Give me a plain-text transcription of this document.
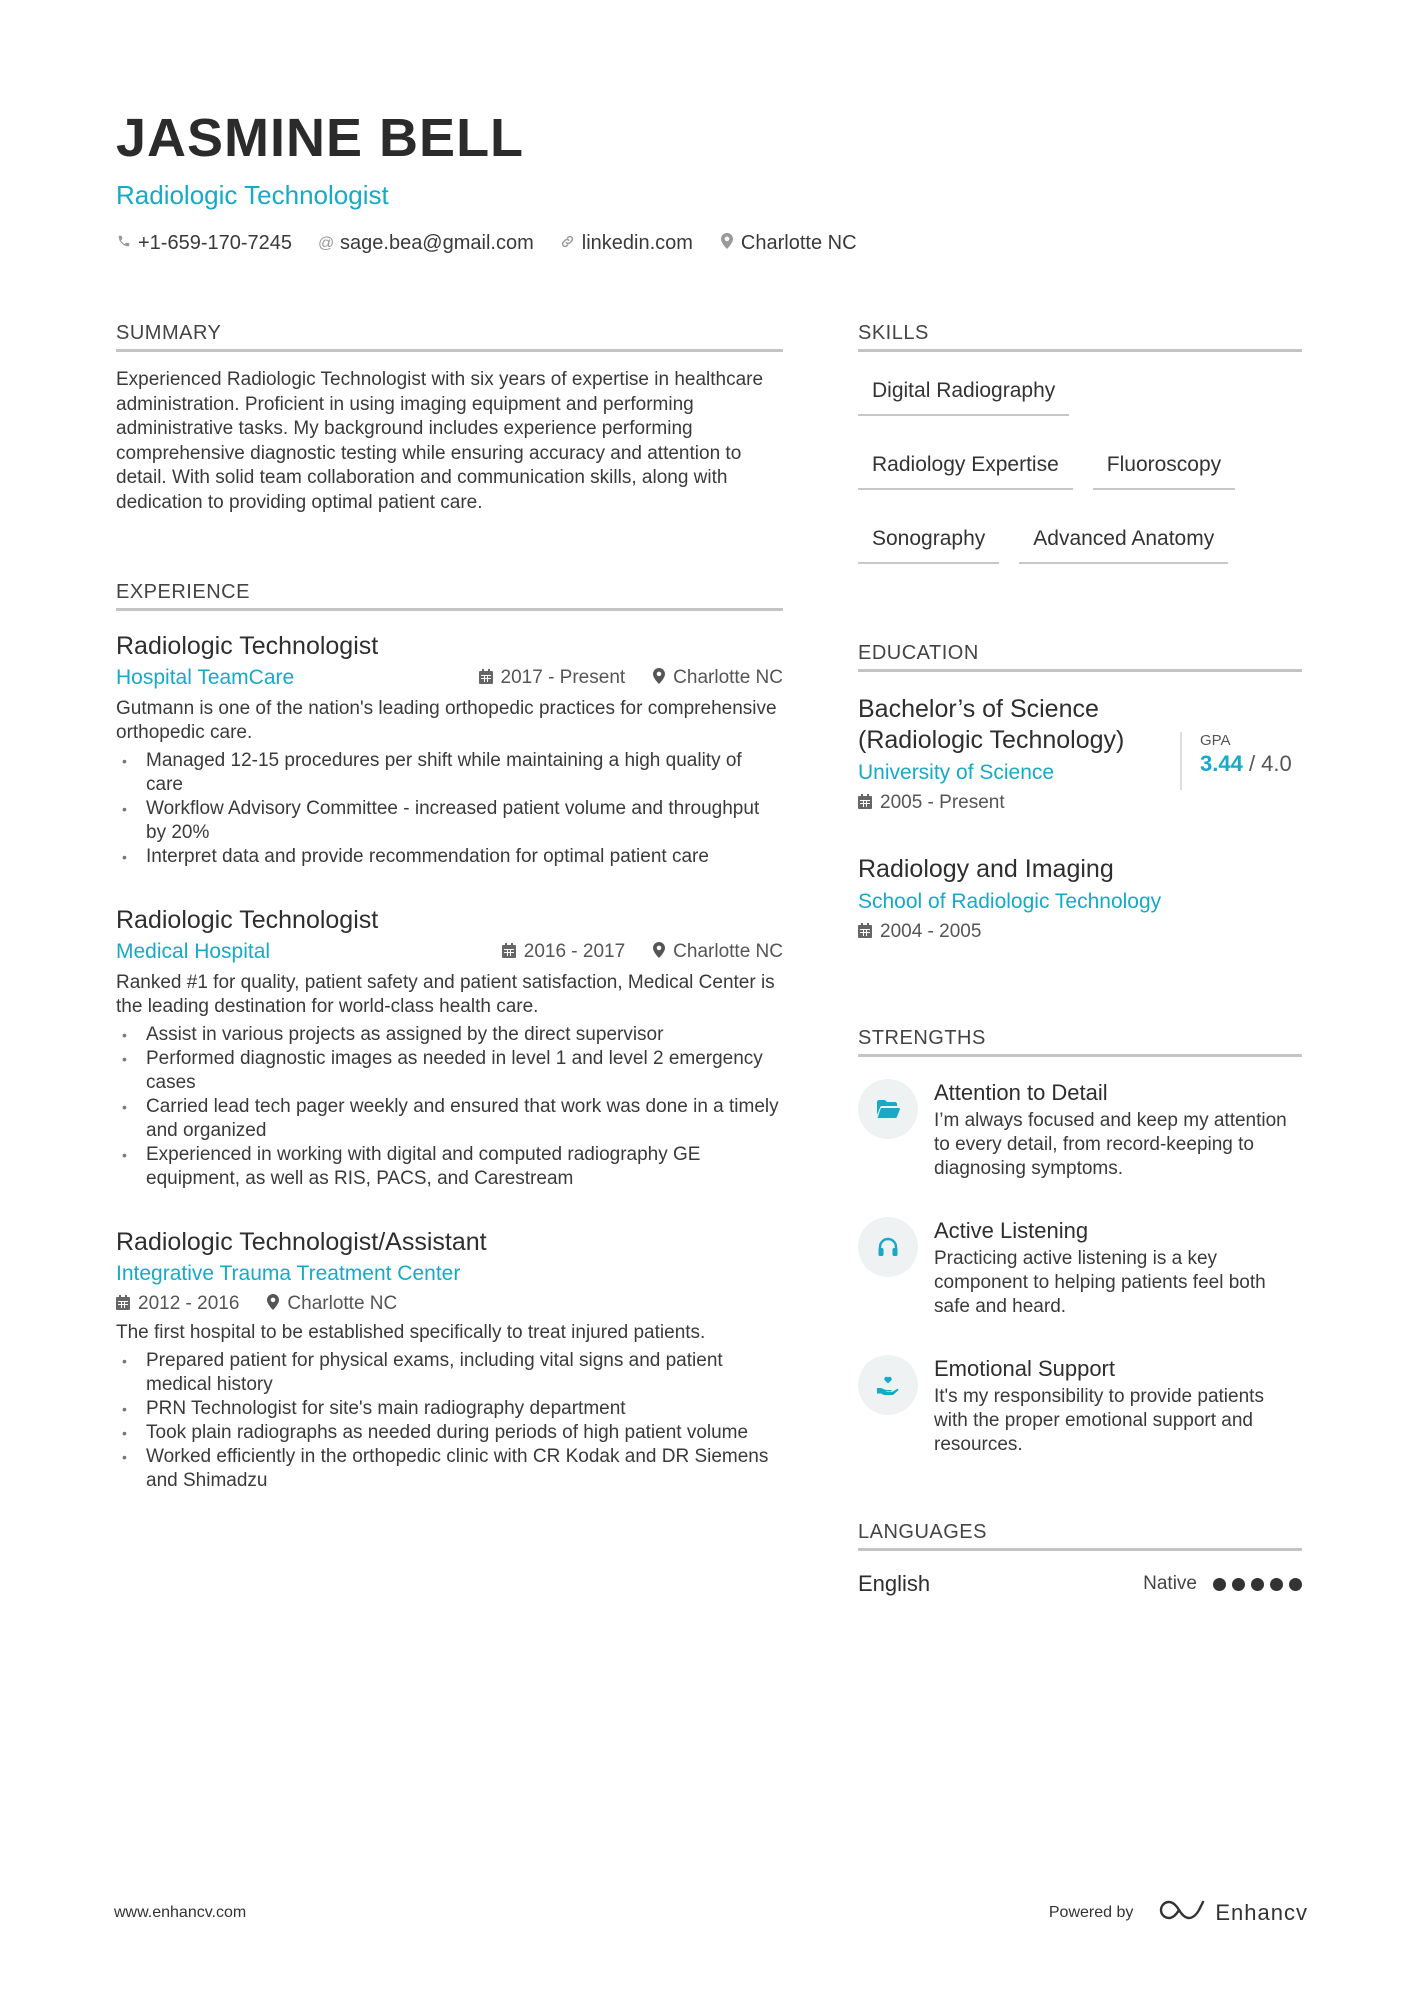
JASMINE BELL
Radiologic Technologist
+1-659-170-7245 @ sage.bea@gmail.com linkedin.com Charlotte NC
SUMMARY
Experienced Radiologic Technologist with six years of expertise in healthcare administration. Proficient in using imaging equipment and performing administrative tasks. My background includes experience performing comprehensive diagnostic testing while ensuring accuracy and attention to detail. With solid team collaboration and communication skills, along with dedication to providing optimal patient care.
EXPERIENCE
Radiologic Technologist
Hospital TeamCare	2017 - Present	Charlotte NC
Gutmann is one of the nation's leading orthopedic practices for comprehensive orthopedic care.
• Managed 12-15 procedures per shift while maintaining a high quality of care
• Workflow Advisory Committee - increased patient volume and throughput by 20%
• Interpret data and provide recommendation for optimal patient care
Radiologic Technologist
Medical Hospital	2016 - 2017	Charlotte NC
Ranked #1 for quality, patient safety and patient satisfaction, Medical Center is the leading destination for world-class health care.
• Assist in various projects as assigned by the direct supervisor
• Performed diagnostic images as needed in level 1 and level 2 emergency cases
• Carried lead tech pager weekly and ensured that work was done in a timely and organized
• Experienced in working with digital and computed radiography GE equipment, as well as RIS, PACS, and Carestream
Radiologic Technologist/Assistant
Integrative Trauma Treatment Center
2012 - 2016	Charlotte NC
The first hospital to be established specifically to treat injured patients.
• Prepared patient for physical exams, including vital signs and patient medical history
• PRN Technologist for site's main radiography department
• Took plain radiographs as needed during periods of high patient volume
• Worked efficiently in the orthopedic clinic with CR Kodak and DR Siemens and Shimadzu
SKILLS
Digital Radiography
Radiology Expertise	Fluoroscopy
Sonography	Advanced Anatomy
EDUCATION
Bachelor’s of Science (Radiologic Technology)
University of Science
2005 - Present
GPA
3.44 / 4.0
Radiology and Imaging
School of Radiologic Technology
2004 - 2005
STRENGTHS
Attention to Detail
I’m always focused and keep my attention to every detail, from record-keeping to diagnosing symptoms.
Active Listening
Practicing active listening is a key component to helping patients feel both safe and heard.
Emotional Support
It's my responsibility to provide patients with the proper emotional support and resources.
LANGUAGES
English	Native
www.enhancv.com	Powered by	Enhancv
